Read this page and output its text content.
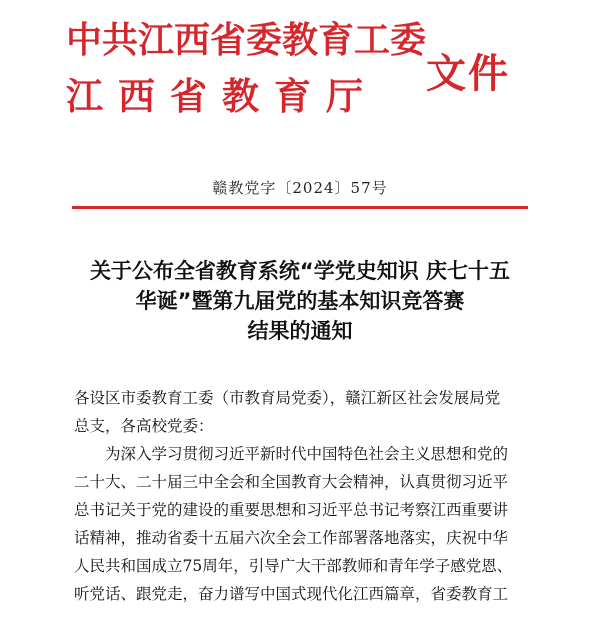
中共江西省委教育工委
江西省教育厅 文件
赣教党字〔2024〕57号
关于公布全省教育系统“学党史知识 庆七十五
华诞”暨第九届党的基本知识竞答赛
结果的通知
各设区市委教育工委（市教育局党委），赣江新区社会发展局党
总支，各高校党委：
为深入学习贯彻习近平新时代中国特色社会主义思想和党的
二十大、二十届三中全会和全国教育大会精神，认真贯彻习近平
总书记关于党的建设的重要思想和习近平总书记考察江西重要讲
话精神，推动省委十五届六次全会工作部署落地落实，庆祝中华
人民共和国成立75周年，引导广大干部教师和青年学子感党恩、
听党话、跟党走，奋力谱写中国式现代化江西篇章，省委教育工
